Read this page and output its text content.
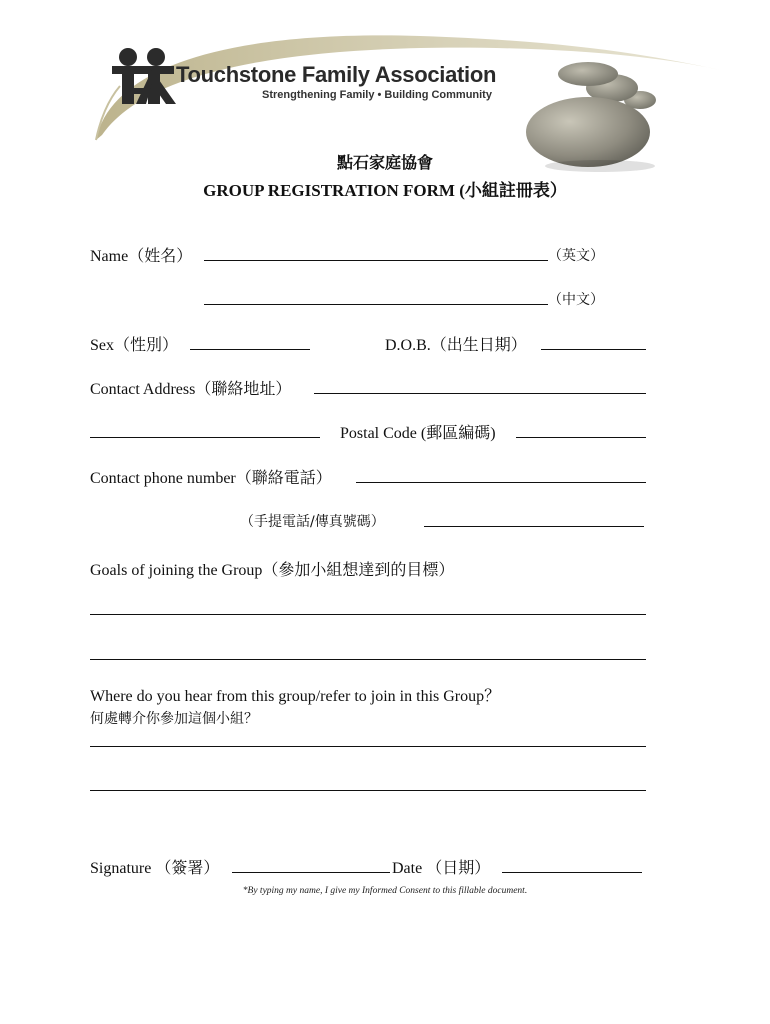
Touchstone Family Association
Strengthening Family • Building Community
點石家庭協會
GROUP REGISTRATION FORM (小組註冊表）
Name（姓名）	（英文）
（中文）
Sex（性別）	D.O.B.（出生日期）
Contact Address（聯絡地址）
Postal Code (郵區編碼)
Contact phone number（聯絡電話）
（手提電話/傳真號碼）
Goals of joining the Group（參加小組想達到的目標）
Where do you hear from this group/refer to join in this Group？
何處轉介你參加這個小組？
Signature （簽署）	Date （日期）
*By typing my name, I give my Informed Consent to this fillable document.
